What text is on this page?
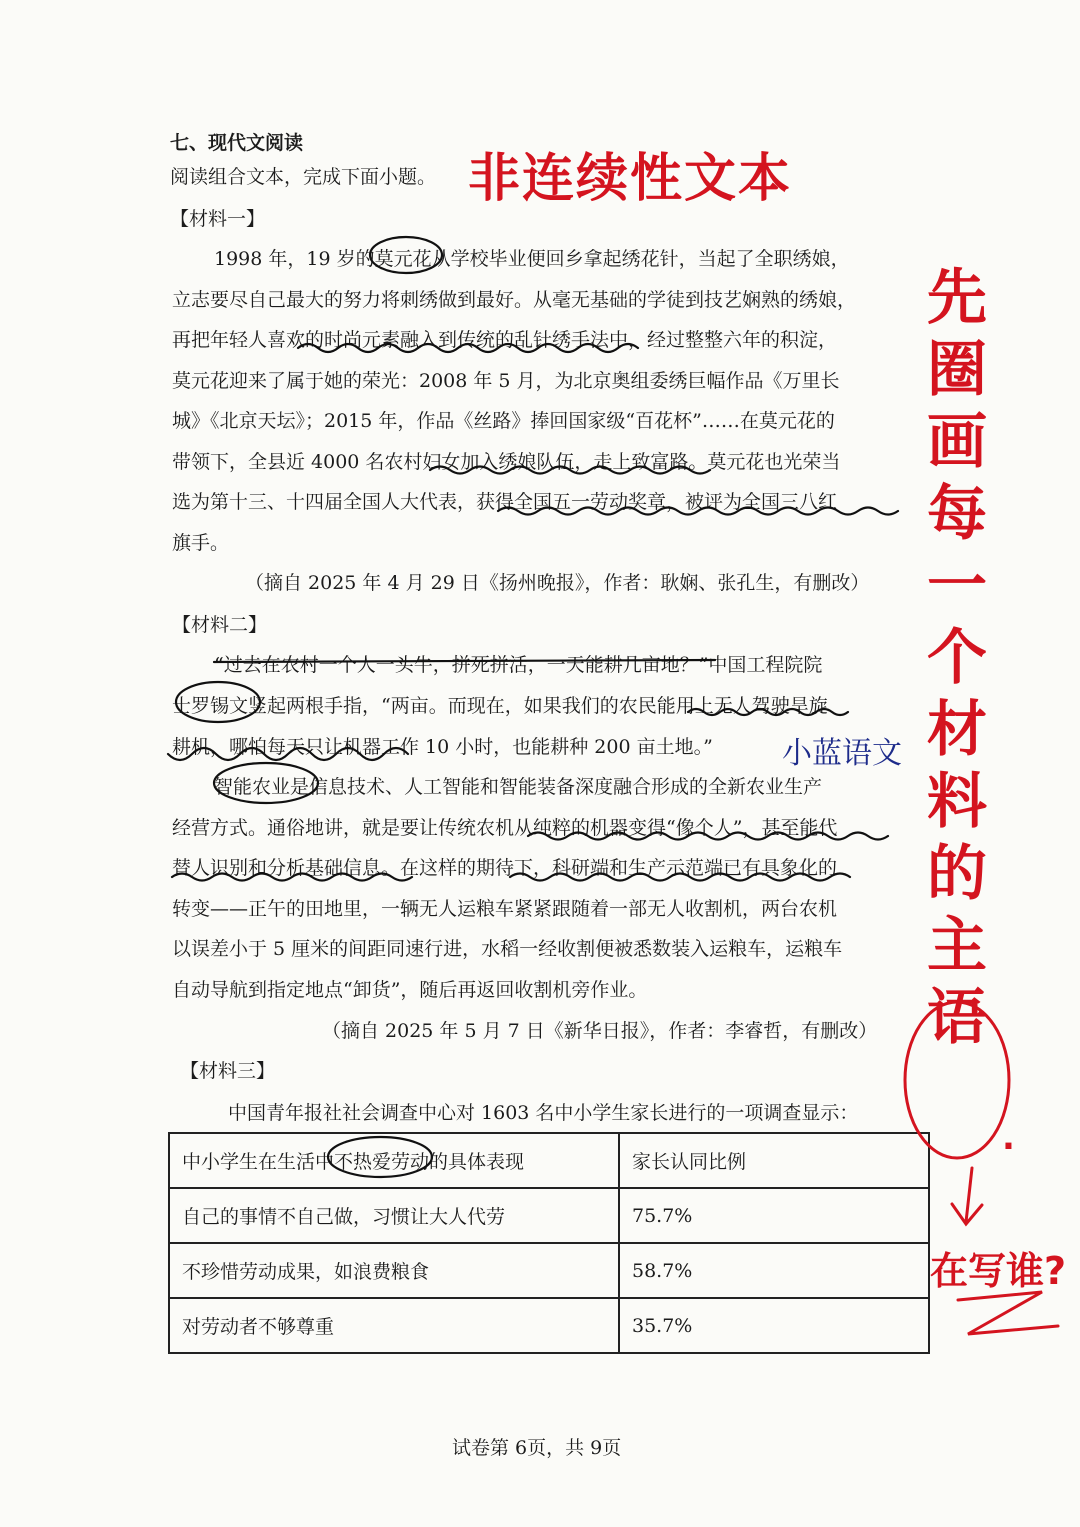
七、现代文阅读
阅读组合文本，完成下面小题。 非连续性文本
【材料一】
1998 年，19 岁的莫元花从学校毕业便回乡拿起绣花针，当起了全职绣娘，
立志要尽自己最大的努力将刺绣做到最好。从毫无基础的学徒到技艺娴熟的绣娘，
再把年轻人喜欢的时尚元素融入到传统的乱针绣手法中，经过整整六年的积淀，
莫元花迎来了属于她的荣光：2008 年 5 月，为北京奥组委绣巨幅作品《万里长
城》《北京天坛》；2015 年，作品《丝路》捧回国家级“百花杯”……在莫元花的
带领下，全县近 4000 名农村妇女加入绣娘队伍，走上致富路。莫元花也光荣当
选为第十三、十四届全国人大代表，获得全国五一劳动奖章，被评为全国三八红
旗手。
（摘自 2025 年 4 月 29 日《扬州晚报》，作者：耿娴、张孔生，有删改）
【材料二】
“过去在农村一个人一头牛，拼死拼活，一天能耕几亩地？”中国工程院院
士罗锡文竖起两根手指，“两亩。而现在，如果我们的农民能用上无人驾驶旱旋
耕机，哪怕每天只让机器工作 10 小时，也能耕种 200 亩土地。”
智能农业是信息技术、人工智能和智能装备深度融合形成的全新农业生产
经营方式。通俗地讲，就是要让传统农机从纯粹的机器变得“像个人”，甚至能代
替人识别和分析基础信息。在这样的期待下，科研端和生产示范端已有具象化的
转变——正午的田地里，一辆无人运粮车紧紧跟随着一部无人收割机，两台农机
以误差小于 5 厘米的间距同速行进，水稻一经收割便被悉数装入运粮车，运粮车
自动导航到指定地点“卸货”，随后再返回收割机旁作业。
（摘自 2025 年 5 月 7 日《新华日报》，作者：李睿哲，有删改）
小蓝语文
【材料三】
中国青年报社社会调查中心对 1603 名中小学生家长进行的一项调查显示：
中小学生在生活中不热爱劳动的具体表现	家长认同比例
自己的事情不自己做，习惯让大人代劳	75.7%
不珍惜劳动成果，如浪费粮食	58.7%
对劳动者不够尊重	35.7%
试卷第 6页，共 9页
先
圈
画
每
一
个
材
料
的
主
语
.
在写谁?
